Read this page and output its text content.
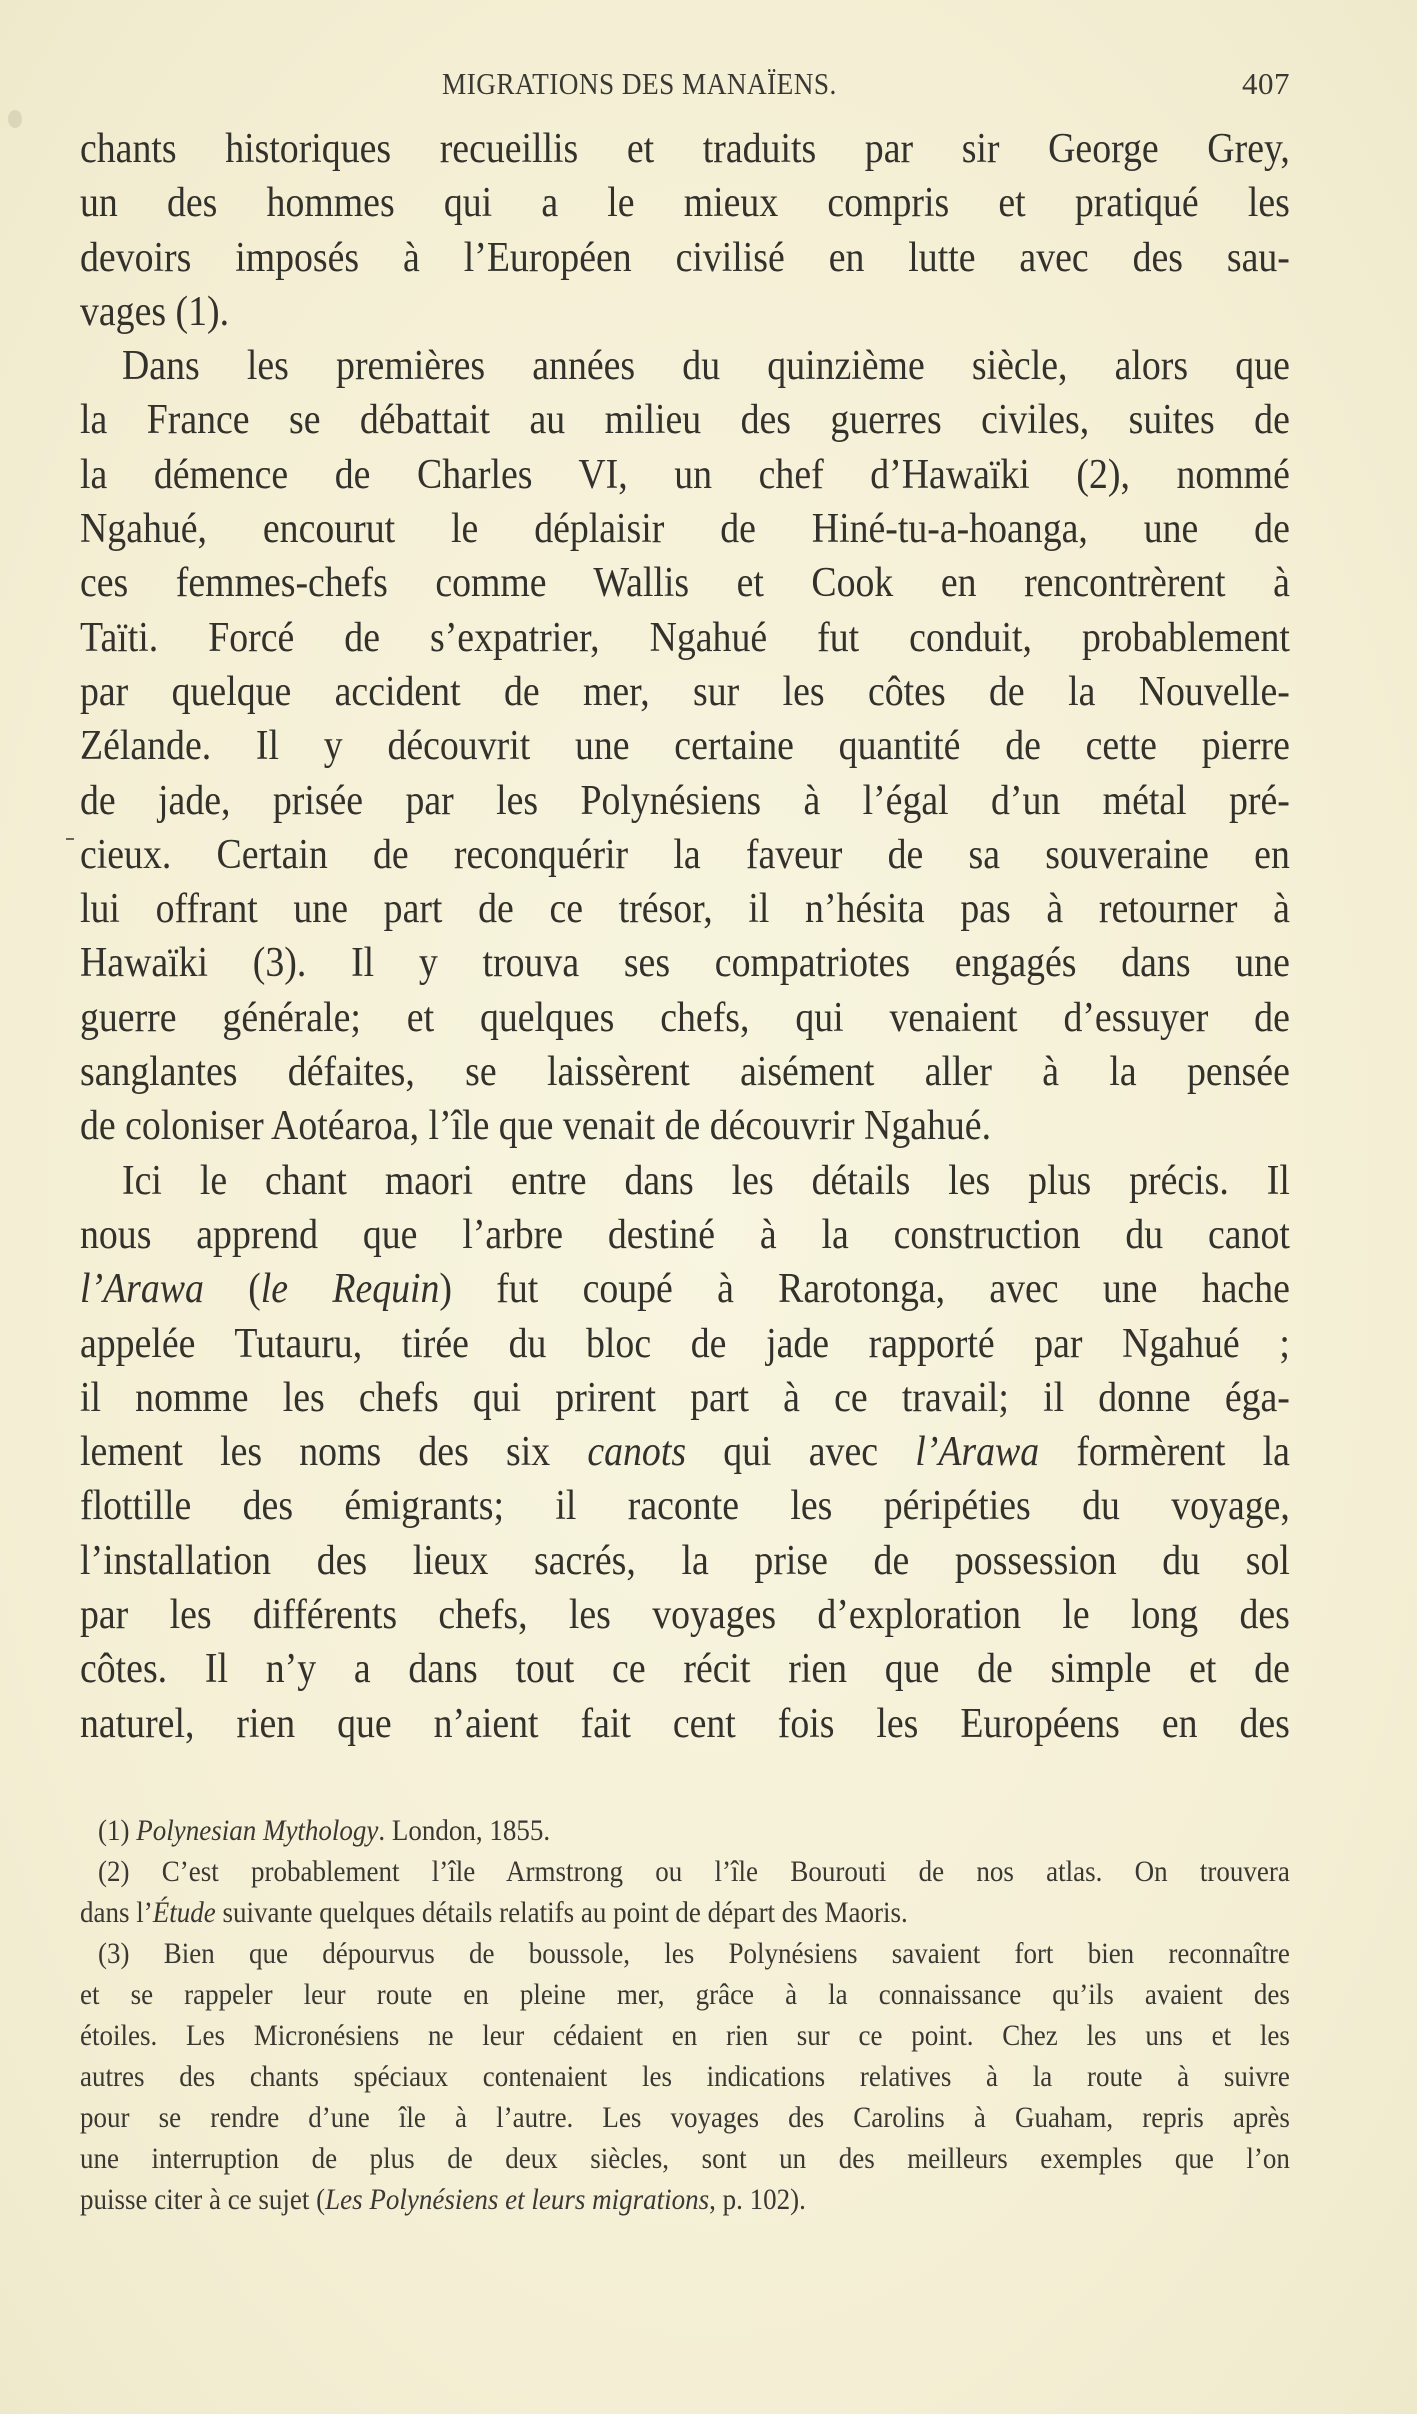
MIGRATIONS DES MANAÏENS.	407
chants historiques recueillis et traduits par sir George Grey,
un des hommes qui a le mieux compris et pratiqué les
devoirs imposés à l’Européen civilisé en lutte avec des sau-
vages (1).
Dans les premières années du quinzième siècle, alors que
la France se débattait au milieu des guerres civiles, suites de
la démence de Charles VI, un chef d’Hawaïki (2), nommé
Ngahué, encourut le déplaisir de Hiné-tu-a-hoanga, une de
ces femmes-chefs comme Wallis et Cook en rencontrèrent à
Taïti. Forcé de s’expatrier, Ngahué fut conduit, probablement
par quelque accident de mer, sur les côtes de la Nouvelle-
Zélande. Il y découvrit une certaine quantité de cette pierre
de jade, prisée par les Polynésiens à l’égal d’un métal pré-
cieux. Certain de reconquérir la faveur de sa souveraine en
lui offrant une part de ce trésor, il n’hésita pas à retourner à
Hawaïki (3). Il y trouva ses compatriotes engagés dans une
guerre générale; et quelques chefs, qui venaient d’essuyer de
sanglantes défaites, se laissèrent aisément aller à la pensée
de coloniser Aotéaroa, l’île que venait de découvrir Ngahué.
Ici le chant maori entre dans les détails les plus précis. Il
nous apprend que l’arbre destiné à la construction du canot
l’Arawa (le Requin) fut coupé à Rarotonga, avec une hache
appelée Tutauru, tirée du bloc de jade rapporté par Ngahué ;
il nomme les chefs qui prirent part à ce travail; il donne éga-
lement les noms des six canots qui avec l’Arawa formèrent la
flottille des émigrants; il raconte les péripéties du voyage,
l’installation des lieux sacrés, la prise de possession du sol
par les différents chefs, les voyages d’exploration le long des
côtes. Il n’y a dans tout ce récit rien que de simple et de
naturel, rien que n’aient fait cent fois les Européens en des
(1) Polynesian Mythology. London, 1855.
(2) C’est probablement l’île Armstrong ou l’île Bourouti de nos atlas. On trouvera
dans l’Étude suivante quelques détails relatifs au point de départ des Maoris.
(3) Bien que dépourvus de boussole, les Polynésiens savaient fort bien reconnaître
et se rappeler leur route en pleine mer, grâce à la connaissance qu’ils avaient des
étoiles. Les Micronésiens ne leur cédaient en rien sur ce point. Chez les uns et les
autres des chants spéciaux contenaient les indications relatives à la route à suivre
pour se rendre d’une île à l’autre. Les voyages des Carolins à Guaham, repris après
une interruption de plus de deux siècles, sont un des meilleurs exemples que l’on
puisse citer à ce sujet (Les Polynésiens et leurs migrations, p. 102).
